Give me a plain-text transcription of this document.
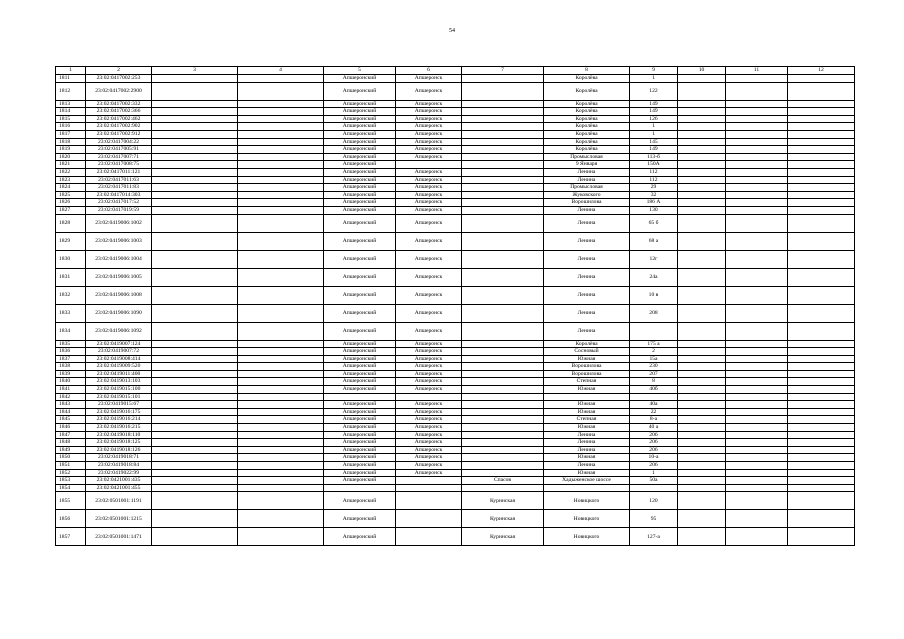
54
1	2	3	4	5	6	7	8	9	10	11	12
1811	23:02:0417002:253			Апшеронский	Апшеронск		Королёва	1			
1812	23:02:0417002:2900			Апшеронский	Апшеронск		Королёва	122			
1813	23:02:0417002:332			Апшеронский	Апшеронск		Королёва	149			
1814	23:02:0417002:366			Апшеронский	Апшеронск		Королёва	149			
1815	23:02:0417002:462			Апшеронский	Апшеронск		Королёва	126			
1816	23:02:0417002:902			Апшеронский	Апшеронск		Королёва	1			
1817	23:02:0417002:912			Апшеронский	Апшеронск		Королёва	1			
1818	23:02:0417004:22			Апшеронский	Апшеронск		Королёва	145			
1819	23:02:0417005:91			Апшеронский	Апшеронск		Королёва	149			
1820	23:02:0417007:71			Апшеронский	Апшеронск		Промысловая	113-б			
1821	23:02:0417008:75			Апшеронский			9 Января	150А			
1822	23:02:0417011:121			Апшеронский	Апшеронск		Ленина	112			
1823	23:02:0417011:63			Апшеронский	Апшеронск		Ленина	112			
1824	23:02:0417011:83			Апшеронский	Апшеронск		Промысловая	29			
1825	23:02:0417014:303			Апшеронский	Апшеронск		Жуковского	32			
1826	23:02:0417017:52			Апшеронский	Апшеронск		Ворошилова	186 А			
1827	23:02:0417019:59			Апшеронский	Апшеронск		Ленина	130			
1828	23:02:0419006:1002			Апшеронский	Апшеронск		Ленина	65 б			
1829	23:02:0419006:1003			Апшеронский	Апшеронск		Ленина	68 а			
1830	23:02:0419006:1004			Апшеронский	Апшеронск		Ленина	12г			
1831	23:02:0419006:1005			Апшеронский	Апшеронск		Ленина	24а			
1832	23:02:0419006:1008			Апшеронский	Апшеронск		Ленина	10 в			
1833	23:02:0419006:1090			Апшеронский	Апшеронск		Ленина	208			
1834	23:02:0419006:1092			Апшеронский	Апшеронск		Ленина				
1835	23:02:0419007:124			Апшеронский	Апшеронск		Королёва	175 а			
1836	23:02:0419007:72			Апшеронский	Апшеронск		Сосновый	2			
1837	23:02:0419008:414			Апшеронский	Апшеронск		Южная	15а			
1838	23:02:0419009:520			Апшеронский	Апшеронск		Ворошилова	230			
1839	23:02:0419011:400			Апшеронский	Апшеронск		Ворошилова	207			
1840	23:02:0419013:103			Апшеронский	Апшеронск		Степная	8			
1841	23:02:0419015:100			Апшеронский	Апшеронск		Южная	40б			
1842	23:02:0419015:101										
1843	23:02:0419015:67			Апшеронский	Апшеронск		Южная	40а			
1844	23:02:0419016:175			Апшеронский	Апшеронск		Южная	22			
1845	23:02:0419016:214			Апшеронский	Апшеронск		Степная	8-а			
1846	23:02:0419016:215			Апшеронский	Апшеронск		Южная	40 а			
1847	23:02:0419018:110			Апшеронский	Апшеронск		Ленина	206			
1848	23:02:0419018:125			Апшеронский	Апшеронск		Ленина	206			
1849	23:02:0419018:126			Апшеронский	Апшеронск		Ленина	206			
1850	23:02:0419018:71			Апшеронский	Апшеронск		Южная	10-а			
1851	23:02:0419018:84			Апшеронский	Апшеронск		Ленина	206			
1852	23:02:0419022:99			Апшеронский	Апшеронск		Южная	1			
1853	23:02:0421001:435			Апшеронский		Спасов	Хадыженское шоссе	50а			
1854	23:02:0421001:455										
1855	23:02:0501001:1191			Апшеронский		Куринская	Новицкого	120			
1856	23:02:0501001:1215			Апшеронский		Куринская	Новицкого	95			
1857	23:02:0501001:1471			Апшеронский		Куринская	Новицкого	127-а			
